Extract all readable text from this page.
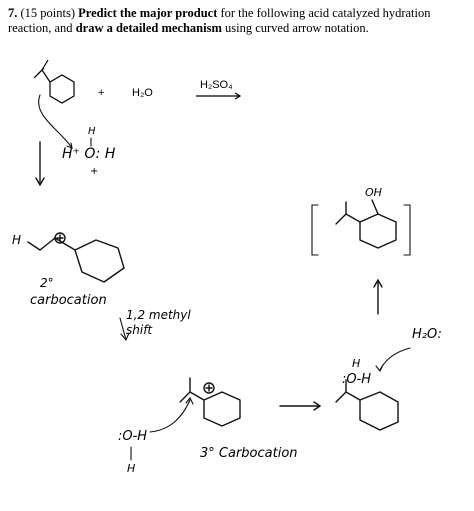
7. (15 points) Predict the major product for the following acid catalyzed hydration reaction, and draw a detailed mechanism using curved arrow notation.
+	H₂O
H₂SO₄
H
H⁺ O: H
+
H
2°
carbocation
1,2 methyl shift
OH
H₂O:
H
:O-H
3° Carbocation
:O-H
H
